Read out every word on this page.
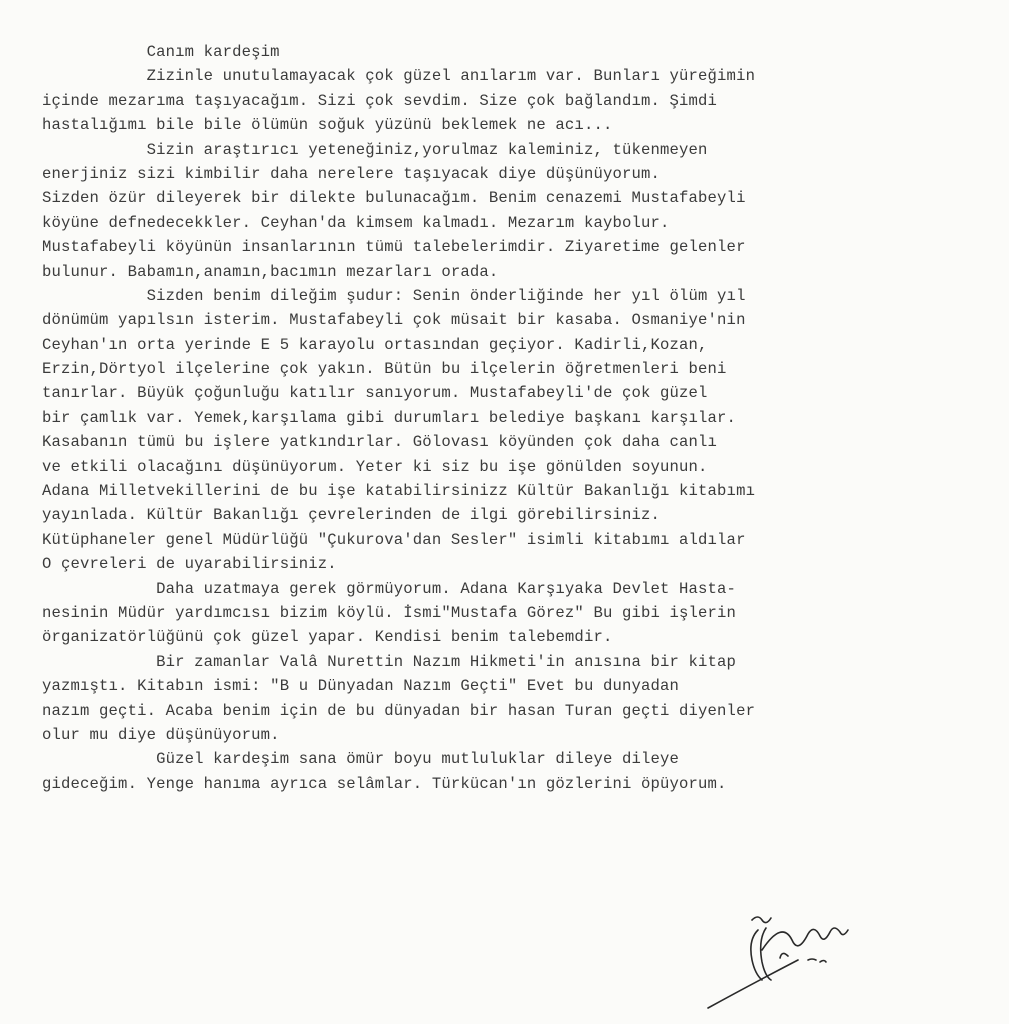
Canım kardeşim
Zizinle unutulamayacak çok güzel anılarım var. Bunları yüreğimin
içinde mezarıma taşıyacağım. Sizi çok sevdim. Size çok bağlandım. Şimdi
hastalığımı bile bile ölümün soğuk yüzünü beklemek ne acı...
Sizin araştırıcı yeteneğiniz,yorulmaz kaleminiz, tükenmeyen
enerjiniz sizi kimbilir daha nerelere taşıyacak diye düşünüyorum.
Sizden özür dileyerek bir dilekte bulunacağım. Benim cenazemi Mustafabeyli
köyüne defnedecekkler. Ceyhan'da kimsem kalmadı. Mezarım kaybolur.
Mustafabeyli köyünün insanlarının tümü talebelerimdir. Ziyaretime gelenler
bulunur. Babamın,anamın,bacımın mezarları orada.
Sizden benim dileğim şudur: Senin önderliğinde her yıl ölüm yıl
dönümüm yapılsın isterim. Mustafabeyli çok müsait bir kasaba. Osmaniye'nin
Ceyhan'ın orta yerinde E 5 karayolu ortasından geçiyor. Kadirli,Kozan,
Erzin,Dörtyol ilçelerine çok yakın. Bütün bu ilçelerin öğretmenleri beni
tanırlar. Büyük çoğunluğu katılır sanıyorum. Mustafabeyli'de çok güzel
bir çamlık var. Yemek,karşılama gibi durumları belediye başkanı karşılar.
Kasabanın tümü bu işlere yatkındırlar. Gölovası köyünden çok daha canlı
ve etkili olacağını düşünüyorum. Yeter ki siz bu işe gönülden soyunun.
Adana Milletvekillerini de bu işe katabilirsinizz Kültür Bakanlığı kitabımı
yayınlada. Kültür Bakanlığı çevrelerinden de ilgi görebilirsiniz.
Kütüphaneler genel Müdürlüğü "Çukurova'dan Sesler" isimli kitabımı aldılar
O çevreleri de uyarabilirsiniz.
Daha uzatmaya gerek görmüyorum. Adana Karşıyaka Devlet Hasta-
nesinin Müdür yardımcısı bizim köylü. İsmi"Mustafa Görez" Bu gibi işlerin
örganizatörlüğünü çok güzel yapar. Kendisi benim talebemdir.
Bir zamanlar Valâ Nurettin Nazım Hikmeti'in anısına bir kitap
yazmıştı. Kitabın ismi: "B u Dünyadan Nazım Geçti" Evet bu dunyadan
nazım geçti. Acaba benim için de bu dünyadan bir hasan Turan geçti diyenler
olur mu diye düşünüyorum.
Güzel kardeşim sana ömür boyu mutluluklar dileye dileye
gideceğim. Yenge hanıma ayrıca selâmlar. Türkücan'ın gözlerini öpüyorum.
